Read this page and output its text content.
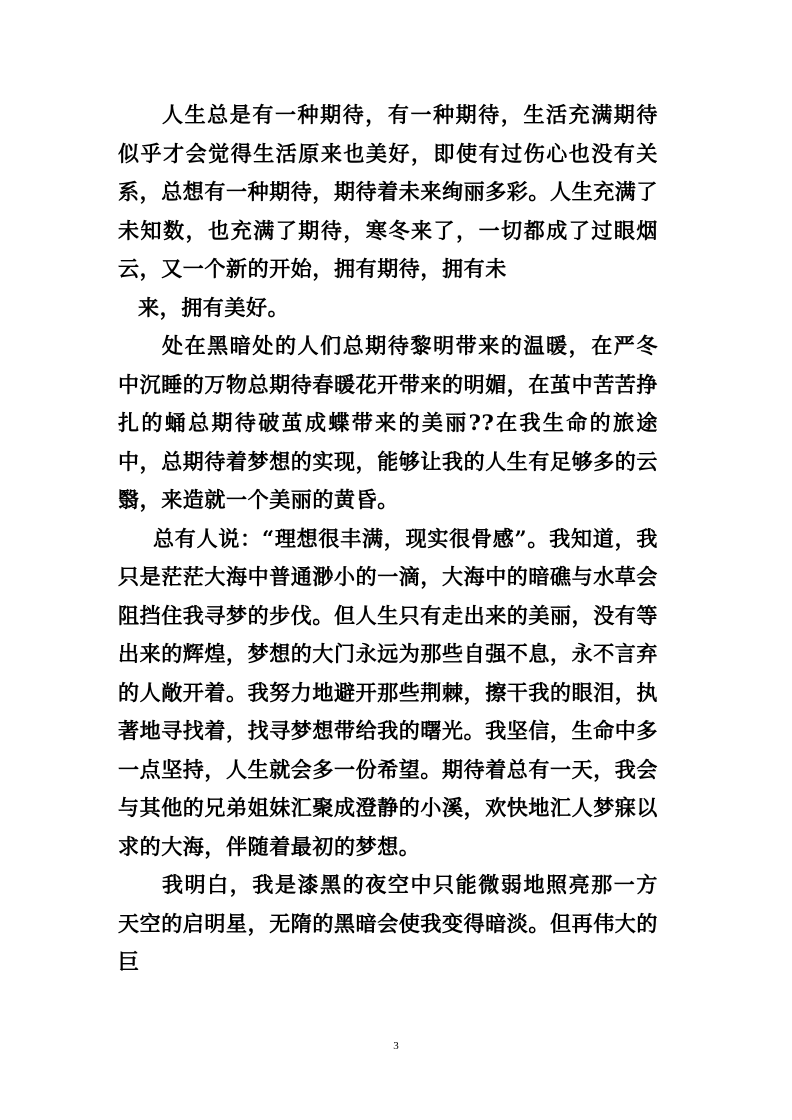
人生总是有一种期待，有一种期待，生活充满期待似乎才会觉得生活原来也美好，即使有过伤心也没有关系，总想有一种期待，期待着未来绚丽多彩。人生充满了未知数，也充满了期待，寒冬来了，一切都成了过眼烟云，又一个新的开始，拥有期待，拥有未

来，拥有美好。

处在黑暗处的人们总期待黎明带来的温暖，在严冬中沉睡的万物总期待春暖花开带来的明媚，在茧中苦苦挣扎的蛹总期待破茧成蝶带来的美丽??在我生命的旅途中，总期待着梦想的实现，能够让我的人生有足够多的云翳，来造就一个美丽的黄昏。

总有人说：“理想很丰满，现实很骨感”。我知道，我只是茫茫大海中普通渺小的一滴，大海中的暗礁与水草会阻挡住我寻梦的步伐。但人生只有走出来的美丽，没有等出来的辉煌，梦想的大门永远为那些自强不息，永不言弃的人敞开着。我努力地避开那些荆棘，擦干我的眼泪，执著地寻找着，找寻梦想带给我的曙光。我坚信，生命中多一点坚持，人生就会多一份希望。期待着总有一天，我会与其他的兄弟姐妹汇聚成澄静的小溪，欢快地汇人梦寐以求的大海，伴随着最初的梦想。

我明白，我是漆黑的夜空中只能微弱地照亮那一方天空的启明星，无隋的黑暗会使我变得暗淡。但再伟大的巨

3
